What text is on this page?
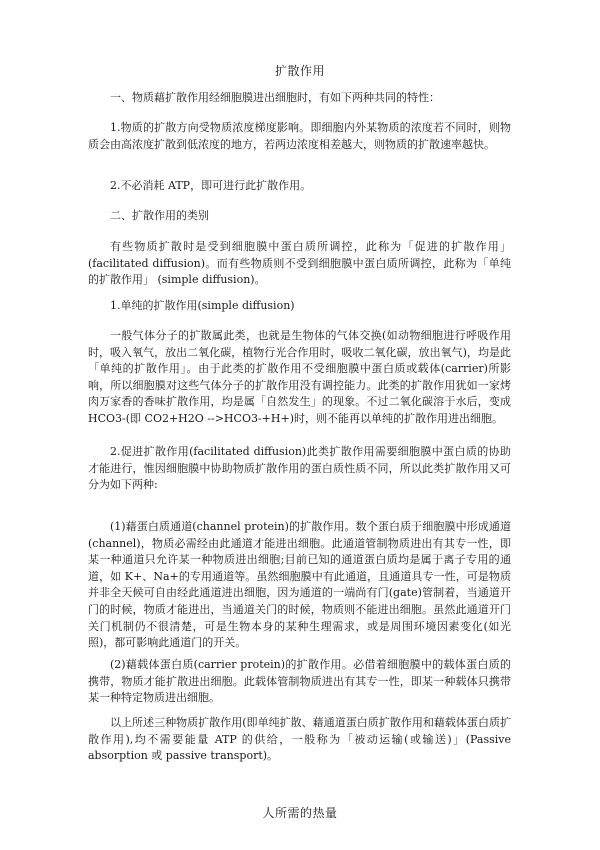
扩散作用

一、物质藉扩散作用经细胞膜进出细胞时，有如下两种共同的特性：

1.物质的扩散方向受物质浓度梯度影响。即细胞内外某物质的浓度若不同时，则物质会由高浓度扩散到低浓度的地方，若两边浓度相差越大，则物质的扩散速率越快。

2.不必消耗 ATP，即可进行此扩散作用。

二、扩散作用的类别

有些物质扩散时是受到细胞膜中蛋白质所调控，此称为「促进的扩散作用」(facilitated diffusion)。而有些物质则不受到细胞膜中蛋白质所调控，此称为「单纯的扩散作用」 (simple diffusion)。

1.单纯的扩散作用(simple diffusion)

一般气体分子的扩散属此类，也就是生物体的气体交换(如动物细胞进行呼吸作用时，吸入氧气，放出二氧化碳，植物行光合作用时，吸收二氧化碳，放出氧气)，均是此「单纯的扩散作用」。由于此类的扩散作用不受细胞膜中蛋白质或载体(carrier)所影响，所以细胞膜对这些气体分子的扩散作用没有调控能力。此类的扩散作用犹如一家烤肉万家香的香味扩散作用，均是属「自然发生」的现象。不过二氧化碳溶于水后，变成 HCO3-(即 CO2+H2O -->HCO3-+H+)时，则不能再以单纯的扩散作用进出细胞。

2.促进扩散作用(facilitated diffusion)此类扩散作用需要细胞膜中蛋白质的协助才能进行，惟因细胞膜中协助物质扩散作用的蛋白质性质不同，所以此类扩散作用又可分为如下两种:

(1)藉蛋白质通道(channel protein)的扩散作用。数个蛋白质于细胞膜中形成通道(channel)，物质必需经由此通道才能进出细胞。此通道管制物质进出有其专一性，即某一种通道只允许某一种物质进出细胞;目前已知的通道蛋白质均是属于离子专用的通道，如 K+、Na+的专用通道等。虽然细胞膜中有此通道，且通道具专一性，可是物质并非全天候可自由经此通道进出细胞，因为通道的一端尚有门(gate)管制着，当通道开门的时候，物质才能进出，当通道关门的时候，物质则不能进出细胞。虽然此通道开门关门机制仍不很清楚，可是生物本身的某种生理需求，或是周围环境因素变化(如光照)，都可影响此通道门的开关。

(2)藉载体蛋白质(carrier protein)的扩散作用。必借着细胞膜中的载体蛋白质的携带，物质才能扩散进出细胞。此载体管制物质进出有其专一性，即某一种载体只携带某一种特定物质进出细胞。

以上所述三种物质扩散作用(即单纯扩散、藉通道蛋白质扩散作用和藉载体蛋白质扩散作用),均不需要能量 ATP 的供给，一般称为「被动运输(或输送)」(Passive absorption 或 passive transport)。

人所需的热量
